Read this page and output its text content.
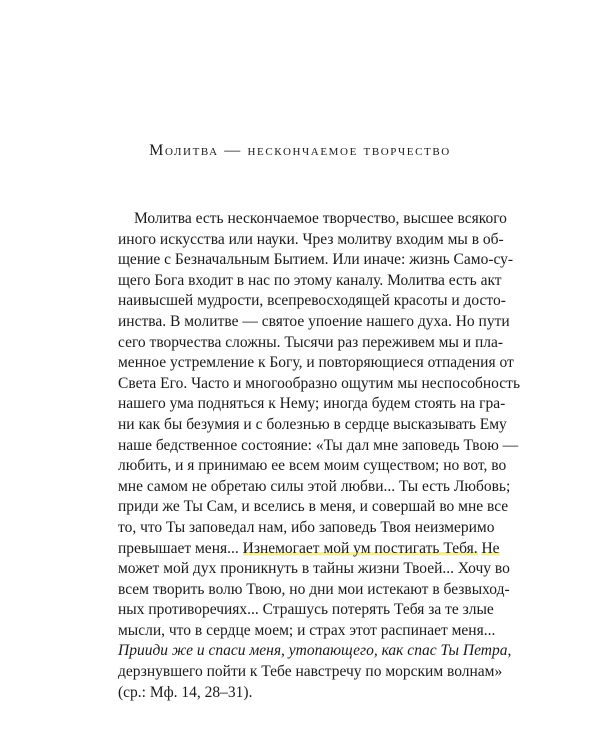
Молитва — нескончаемое творчество
Молитва есть нескончаемое творчество, высшее всякого
иного искусства или науки. Чрез молитву входим мы в об-
щение с Безначальным Бытием. Или иначе: жизнь Само-су-
щего Бога входит в нас по этому каналу. Молитва есть акт
наивысшей мудрости, всепревосходящей красоты и досто-
инства. В молитве — святое упоение нашего духа. Но пути
сего творчества сложны. Тысячи раз переживем мы и пла-
менное устремление к Богу, и повторяющиеся отпадения от
Света Его. Часто и многообразно ощутим мы неспособность
нашего ума подняться к Нему; иногда будем стоять на гра-
ни как бы безумия и с болезнью в сердце высказывать Ему
наше бедственное состояние: «Ты дал мне заповедь Твою —
любить, и я принимаю ее всем моим существом; но вот, во
мне самом не обретаю силы этой любви... Ты есть Любовь;
приди же Ты Сам, и вселись в меня, и совершай во мне все
то, что Ты заповедал нам, ибо заповедь Твоя неизмеримо
превышает меня... Изнемогает мой ум постигать Тебя. Не
может мой дух проникнуть в тайны жизни Твоей... Хочу во
всем творить волю Твою, но дни мои истекают в безвыход-
ных противоречиях... Страшусь потерять Тебя за те злые
мысли, что в сердце моем; и страх этот распинает меня...
Прииди же и спаси меня, утопающего, как спас Ты Петра,
дерзнувшего пойти к Тебе навстречу по морским волнам»
(ср.: Мф. 14, 28–31).
